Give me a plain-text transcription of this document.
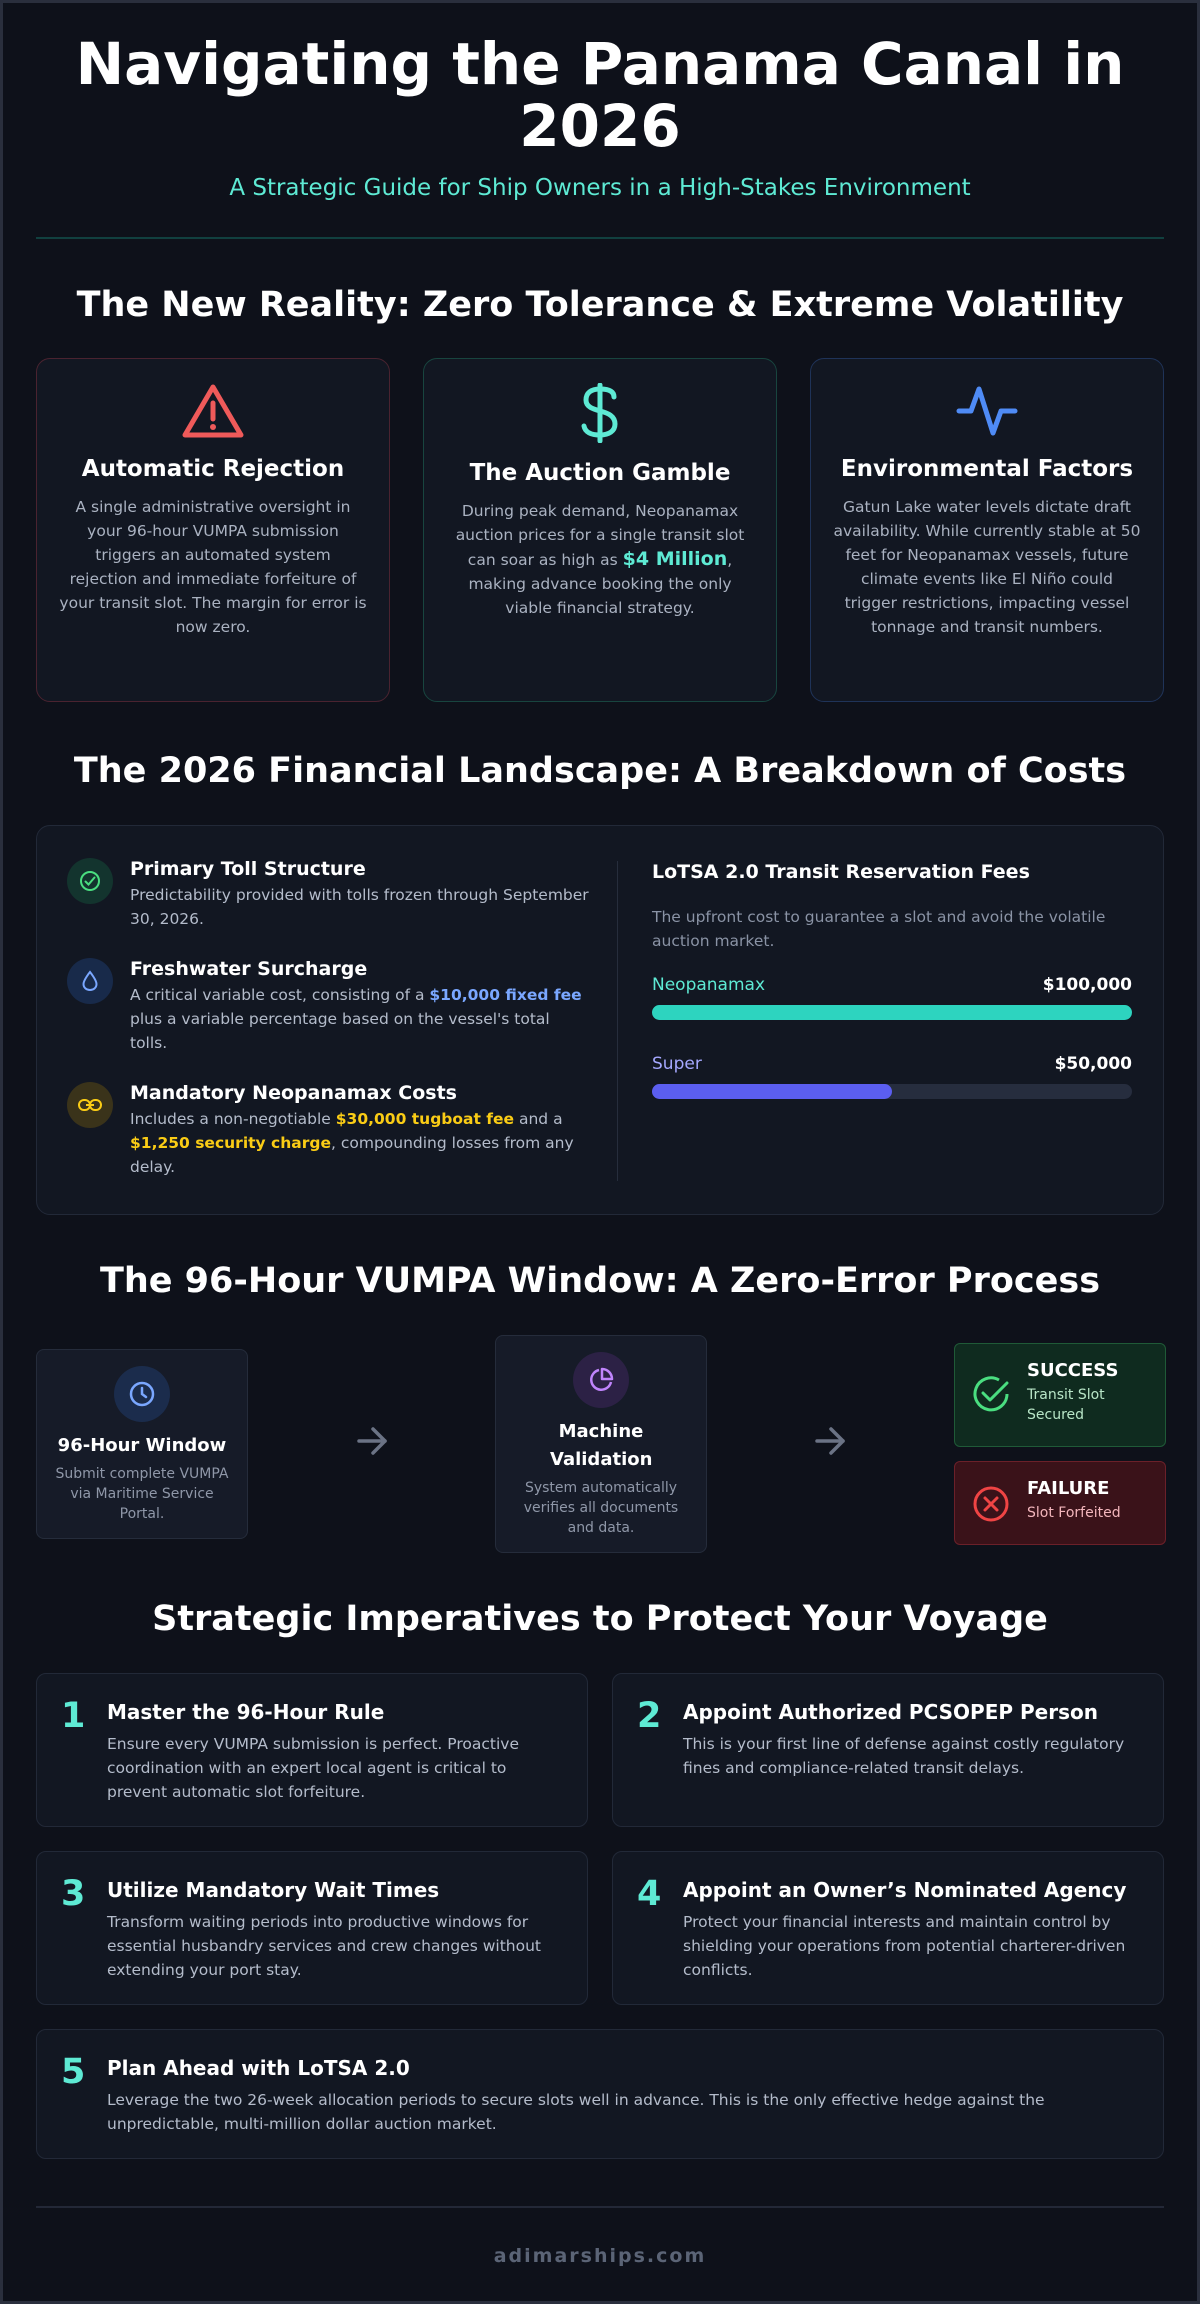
Navigating the Panama Canal in 2026

A Strategic Guide for Ship Owners in a High-Stakes Environment

The New Reality: Zero Tolerance & Extreme Volatility
Automatic Rejection

A single administrative oversight in your 96-hour VUMPA submission triggers an automated system rejection and immediate forfeiture of your transit slot. The margin for error is now zero.

The Auction Gamble

During peak demand, Neopanamax auction prices for a single transit slot can soar as high as $4 Million, making advance booking the only viable financial strategy.

Environmental Factors

Gatun Lake water levels dictate draft availability. While currently stable at 50 feet for Neopanamax vessels, future climate events like El Niño could trigger restrictions, impacting vessel tonnage and transit numbers.

The 2026 Financial Landscape: A Breakdown of Costs
Primary Toll Structure

Predictability provided with tolls frozen through September 30, 2026.

Freshwater Surcharge

A critical variable cost, consisting of a $10,000 fixed fee plus a variable percentage based on the vessel's total tolls.

Mandatory Neopanamax Costs

Includes a non-negotiable $30,000 tugboat fee and a $1,250 security charge, compounding losses from any delay.

LoTSA 2.0 Transit Reservation Fees

The upfront cost to guarantee a slot and avoid the volatile auction market.

Neopanamax	$100,000
Super	$50,000
The 96-Hour VUMPA Window: A Zero-Error Process
96-Hour Window

Submit complete VUMPA via Maritime Service Portal.

Machine Validation

System automatically verifies all documents and data.

SUCCESS

Transit Slot Secured

FAILURE

Slot Forfeited

Strategic Imperatives to Protect Your Voyage
1 Master the 96-Hour Rule

Ensure every VUMPA submission is perfect. Proactive coordination with an expert local agent is critical to prevent automatic slot forfeiture.

2 Appoint Authorized PCSOPEP Person

This is your first line of defense against costly regulatory fines and compliance-related transit delays.

3 Utilize Mandatory Wait Times

Transform waiting periods into productive windows for essential husbandry services and crew changes without extending your port stay.

4 Appoint an Owner’s Nominated Agency

Protect your financial interests and maintain control by shielding your operations from potential charterer-driven conflicts.

5 Plan Ahead with LoTSA 2.0

Leverage the two 26-week allocation periods to secure slots well in advance. This is the only effective hedge against the unpredictable, multi-million dollar auction market.

adimarships.com
